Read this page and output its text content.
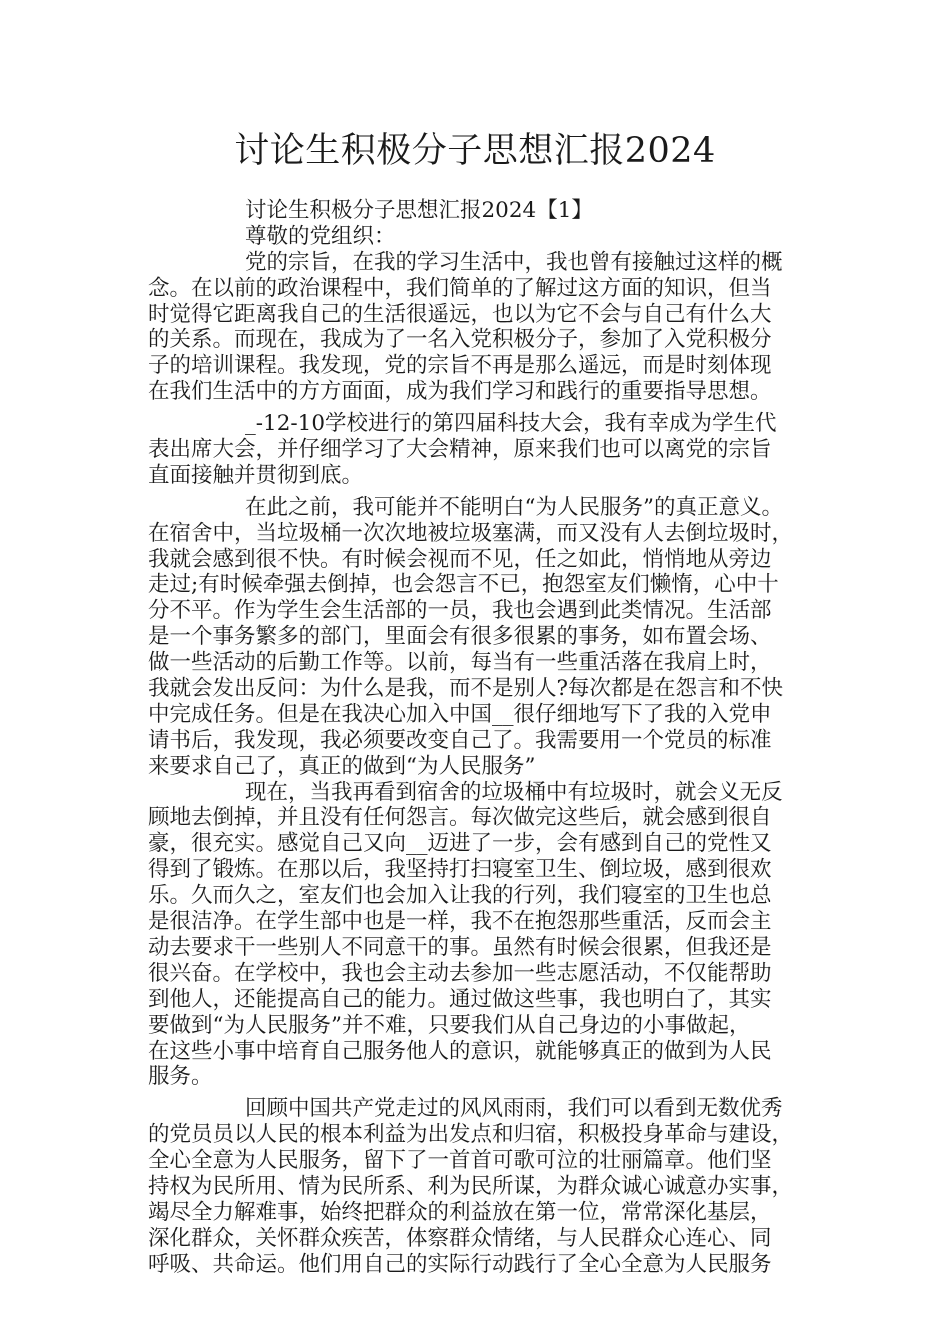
讨论生积极分子思想汇报2024
讨论生积极分子思想汇报2024【1】
尊敬的党组织：
党的宗旨，在我的学习生活中，我也曾有接触过这样的概
念。在以前的政治课程中，我们简单的了解过这方面的知识，但当
时觉得它距离我自己的生活很遥远，也以为它不会与自己有什么大
的关系。而现在，我成为了一名入党积极分子，参加了入党积极分
子的培训课程。我发现，党的宗旨不再是那么遥远，而是时刻体现
在我们生活中的方方面面，成为我们学习和践行的重要指导思想。
_-12-10学校进行的第四届科技大会，我有幸成为学生代
表出席大会，并仔细学习了大会精神，原来我们也可以离党的宗旨
直面接触并贯彻到底。
在此之前，我可能并不能明白“为人民服务”的真正意义。
在宿舍中，当垃圾桶一次次地被垃圾塞满，而又没有人去倒垃圾时，
我就会感到很不快。有时候会视而不见，任之如此，悄悄地从旁边
走过;有时候牵强去倒掉，也会怨言不已，抱怨室友们懒惰，心中十
分不平。作为学生会生活部的一员，我也会遇到此类情况。生活部
是一个事务繁多的部门，里面会有很多很累的事务，如布置会场、
做一些活动的后勤工作等。以前，每当有一些重活落在我肩上时，
我就会发出反问：为什么是我，而不是别人?每次都是在怨言和不快
中完成任务。但是在我决心加入中国__很仔细地写下了我的入党申
请书后，我发现，我必须要改变自己了。我需要用一个党员的标准
来要求自己了，真正的做到“为人民服务”
现在，当我再看到宿舍的垃圾桶中有垃圾时，就会义无反
顾地去倒掉，并且没有任何怨言。每次做完这些后，就会感到很自
豪，很充实。感觉自己又向__迈进了一步，会有感到自己的党性又
得到了锻炼。在那以后，我坚持打扫寝室卫生、倒垃圾，感到很欢
乐。久而久之，室友们也会加入让我的行列，我们寝室的卫生也总
是很洁净。在学生部中也是一样，我不在抱怨那些重活，反而会主
动去要求干一些别人不同意干的事。虽然有时候会很累，但我还是
很兴奋。在学校中，我也会主动去参加一些志愿活动，不仅能帮助
到他人，还能提高自己的能力。通过做这些事，我也明白了，其实
要做到“为人民服务”并不难，只要我们从自己身边的小事做起，
在这些小事中培育自己服务他人的意识，就能够真正的做到为人民
服务。
回顾中国共产党走过的风风雨雨，我们可以看到无数优秀
的党员员以人民的根本利益为出发点和归宿，积极投身革命与建设，
全心全意为人民服务，留下了一首首可歌可泣的壮丽篇章。他们坚
持权为民所用、情为民所系、利为民所谋，为群众诚心诚意办实事，
竭尽全力解难事，始终把群众的利益放在第一位，常常深化基层，
深化群众，关怀群众疾苦，体察群众情绪，与人民群众心连心、同
呼吸、共命运。他们用自己的实际行动践行了全心全意为人民服务
